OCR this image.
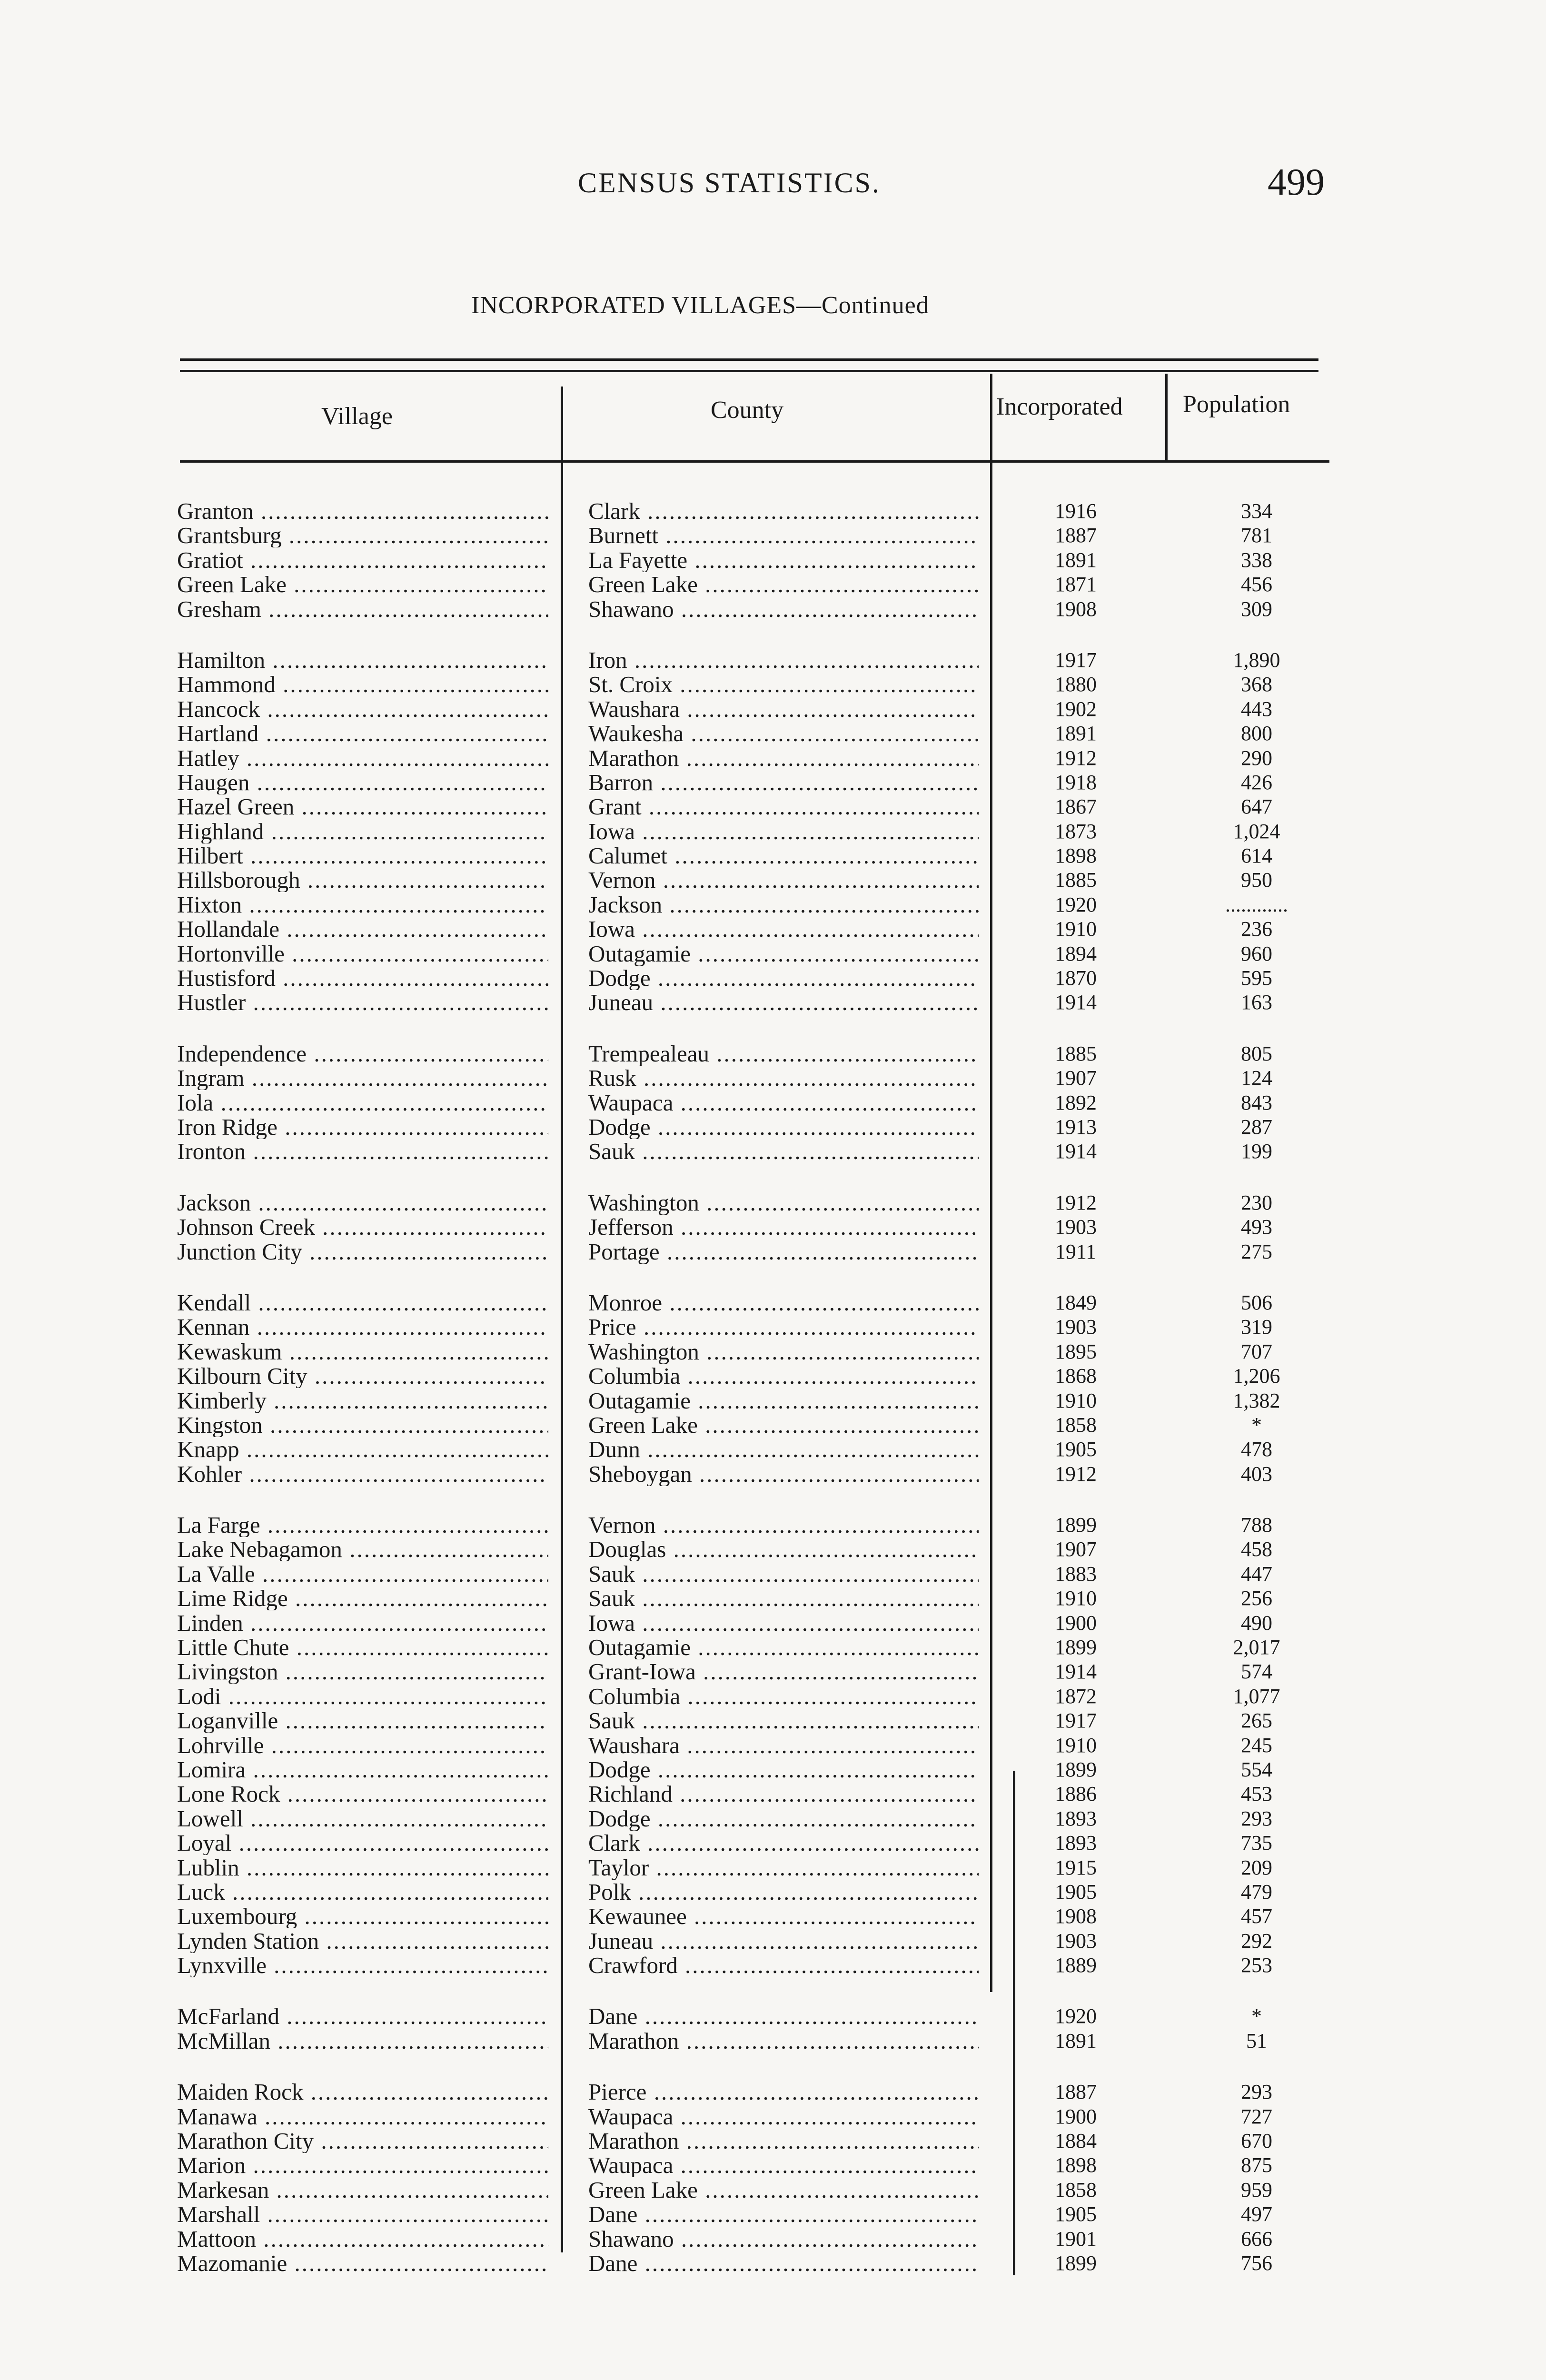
CENSUS STATISTICS.	499
INCORPORATED VILLAGES—Continued
Village	County	Incorporated Population
Granton .....	Clark .....	1916	334
Grantsburg .....	Burnett .....	1887	781
Gratiot .....	La Fayette .....	1891	338
Green Lake .....	Green Lake .....	1871	456
Gresham .....	Shawano .....	1908	309
Hamilton .....	Iron .....	1917	1,890
Hammond .....	St. Croix .....	1880	368
Hancock .....	Waushara .....	1902	443
Hartland .....	Waukesha .....	1891	800
Hatley .....	Marathon .....	1912	290
Haugen .....	Barron .....	1918	426
Hazel Green .....	Grant .....	1867	647
Highland .....	Iowa .....	1873	1,024
Hilbert .....	Calumet .....	1898	614
Hillsborough .....	Vernon .....	1885	950
Hixton .....	Jackson .....	1920	............
Hollandale .....	Iowa .....	1910	236
Hortonville .....	Outagamie .....	1894	960
Hustisford .....	Dodge .....	1870	595
Hustler .....	Juneau .....	1914	163
Independence .....	Trempealeau .....	1885	805
Ingram .....	Rusk .....	1907	124
Iola .....	Waupaca .....	1892	843
Iron Ridge .....	Dodge .....	1913	287
Ironton .....	Sauk .....	1914	199
Jackson .....	Washington .....	1912	230
Johnson Creek .....	Jefferson .....	1903	493
Junction City .....	Portage .....	1911	275
Kendall .....	Monroe .....	1849	506
Kennan .....	Price .....	1903	319
Kewaskum .....	Washington .....	1895	707
Kilbourn City .....	Columbia .....	1868	1,206
Kimberly .....	Outagamie .....	1910	1,382
Kingston .....	Green Lake .....	1858	*
Knapp .....	Dunn .....	1905	478
Kohler .....	Sheboygan .....	1912	403
La Farge .....	Vernon .....	1899	788
Lake Nebagamon .....	Douglas .....	1907	458
La Valle .....	Sauk .....	1883	447
Lime Ridge .....	Sauk .....	1910	256
Linden .....	Iowa .....	1900	490
Little Chute .....	Outagamie .....	1899	2,017
Livingston .....	Grant-Iowa .....	1914	574
Lodi .....	Columbia .....	1872	1,077
Loganville .....	Sauk .....	1917	265
Lohrville .....	Waushara .....	1910	245
Lomira .....	Dodge .....	1899	554
Lone Rock .....	Richland .....	1886	453
Lowell .....	Dodge .....	1893	293
Loyal .....	Clark .....	1893	735
Lublin .....	Taylor .....	1915	209
Luck .....	Polk .....	1905	479
Luxembourg .....	Kewaunee .....	1908	457
Lynden Station .....	Juneau .....	1903	292
Lynxville .....	Crawford .....	1889	253
McFarland .....	Dane .....	1920	*
McMillan .....	Marathon .....	1891	51
Maiden Rock .....	Pierce .....	1887	293
Manawa .....	Waupaca .....	1900	727
Marathon City .....	Marathon .....	1884	670
Marion .....	Waupaca .....	1898	875
Markesan .....	Green Lake .....	1858	959
Marshall .....	Dane .....	1905	497
Mattoon .....	Shawano .....	1901	666
Mazomanie .....	Dane .....	1899	756
